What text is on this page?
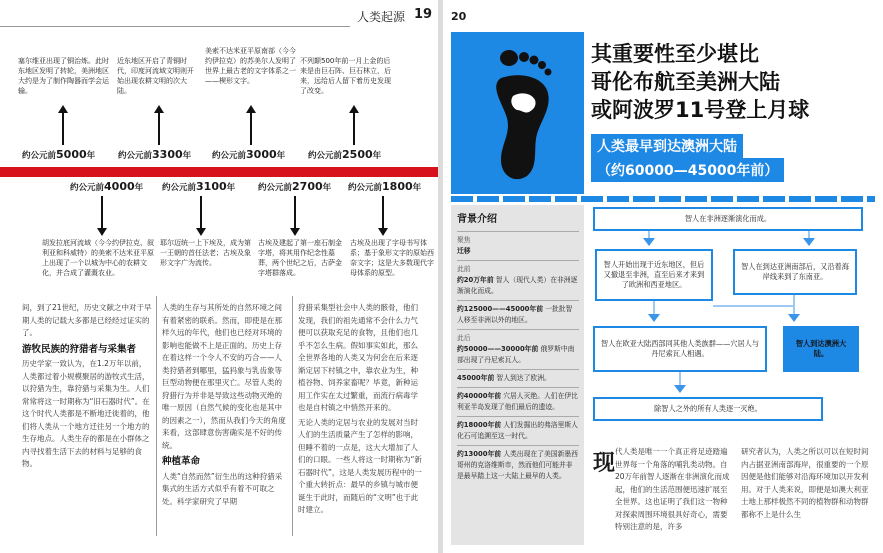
人类起源 19
塞尔维亚出现了铜治炼。此时东地区发明了转轮，美洲地区大约是为了制作陶器而学会运输。
约公元前5000年
近东地区开启了青铜时代，印度河流域文明则开始出现农耕文明的次大陆。
约公元前3300年
美索不达米亚平原南部（今今约伊拉克）的苏美尔人发明了世界上最古老的文字体系之一——楔形文字。
约公元前3000年
不列颠500年前一月上金的后来是由巨石阵、巨石林立，后来，远给后人留下着历史发现了改变。
约公元前2500年
约公元前4000年
胡发拉底河流域（今今约伊拉克、叙利亚和科威特）的美索不达米亚平原上出现了一个以城为中心的农耕文化，并合成了灌溉农业。
约公元前3100年
耶尔迈统一上下埃及，成为第一王朝的首任法老；古埃及象形文字广为流传。
约公元前2700年
古埃及建起了第一座石制金字塔，将其用作纪念性墓葬，两个世纪之后，古萨金字塔群落成。
约公元前1800年
古埃及出现了字母书写体系；基于象形文字的原始西奈文字；这是大多数现代字母体系的原型。

间，到了21世纪，历史文献之中对于早期人类的记载大多都是已经经过证实的了。

游牧民族的狩猎者与采集者

历史学家一致认为，在1.2万年以前，人类都过着小规模聚居的游牧式生活，以狩猎为生，靠狩猎与采集为生。人们常常将这一时期称为“旧石器时代”。在这个时代人类都是不断地迁徙着的，他们将人类从一个地方迁往另一个地方的生存地点。人类生存的都是在小群体之内寻找着生活下去的材料与足够的食物。

人类的生存与其所处的自然环境之间有着紧密的联系。然而，即使是在那样久远的年代，他们也已经对环境的影响也能做不上是正面的。历史上存在着这样一个令人不安的巧合——人类狩猎者到哪里，猛犸象与乳齿象等巨型动物便在那里灭亡。尽管人类的狩猎行为并非是导致这些动物灭绝的唯一原因（自然气候的变化也是其中的因素之一），然而从我们今天的角度来看，这部肆意伤害确实是不好的传统。

种植革命

人类“自然而然”衍生出的这种狩猎采集式的生活方式似乎有着不可取之处。科学家研究了早期

狩猎采集型社会中人类的骸骨，他们发现，我们的祖先通常不会什么力气便可以获取充足的食物，且他们也几乎不怎么生病。假如事实如此，那么全世界各地的人类又为何会在后来逐渐定居下村镇之中，靠农业为生，种植谷物、饲养家畜呢？毕竟，新种运用工作实在太过繁重，而流行病毒学也是自村镇之中悄然开来的。

无论人类的定居与农业的发展对当时人们的生活质量产生了怎样的影响，但睡不着的一点是，这大大增加了人们的口眼。一些人将这一时期称为“新石器时代”，这是人类发展历程中的一个重大转折点：最早的乡镇与城市便诞生于此时，而随后的“文明”也于此时建立。

20
其重要性至少堪比
哥伦布航至美洲大陆
或阿波罗11号登上月球
人类最早到达澳洲大陆
（约60000—45000年前）
背景介绍
聚焦
迁移
此前
约20万年前 智人（现代人类）在非洲逐渐演化而成。
约125000——45000年前 一批批智人移至非洲以外的地区。
此后
约50000——30000年前 俄罗斯中南部出现了丹尼索瓦人。
45000年前 智人到达了欧洲。
约40000年前 穴居人灭绝。人们在伊比利亚半岛发现了他们最后的遗迹。
约18000年前 人们发掘出的弗洛里斯人化石可追溯至这一时代。
约13000年前 人类出现在了美国新墨西哥州的克洛维斯市，然而他们可能并非是最早踏上这一大陆上最早的人类。
智人在非洲逐渐演化而成。
智人开始出现于近东地区，但后又撤退至非洲，直至后来才来到了欧洲和西亚地区。
智人在到达亚洲南部后，又沿着海岸线来到了东南亚。
智人在欧亚大陆西部同其他人类族群——穴居人与丹尼索瓦人相遇。
智人到达澳洲大陆。
除智人之外的所有人类逐一灭绝。
现 代人类是唯一一个真正将足迹踏遍世界每一个角落的哺乳类动物。自20万年前智人逐渐在非洲演化而成起，他们的生活范围便迅速扩展至全世界。这也证明了我们这一物种对探索周围环境很具好奇心，需要特别注意的是，许多

研究者认为，人类之所以可以在短时间内占据亚洲南部海岸，很重要的一个原因便是他们能够对沿海环境加以开发利用。对于人类来说，即便是如澳大利亚土地上那样极然不同的植物群和动物群都称不上是什么生
